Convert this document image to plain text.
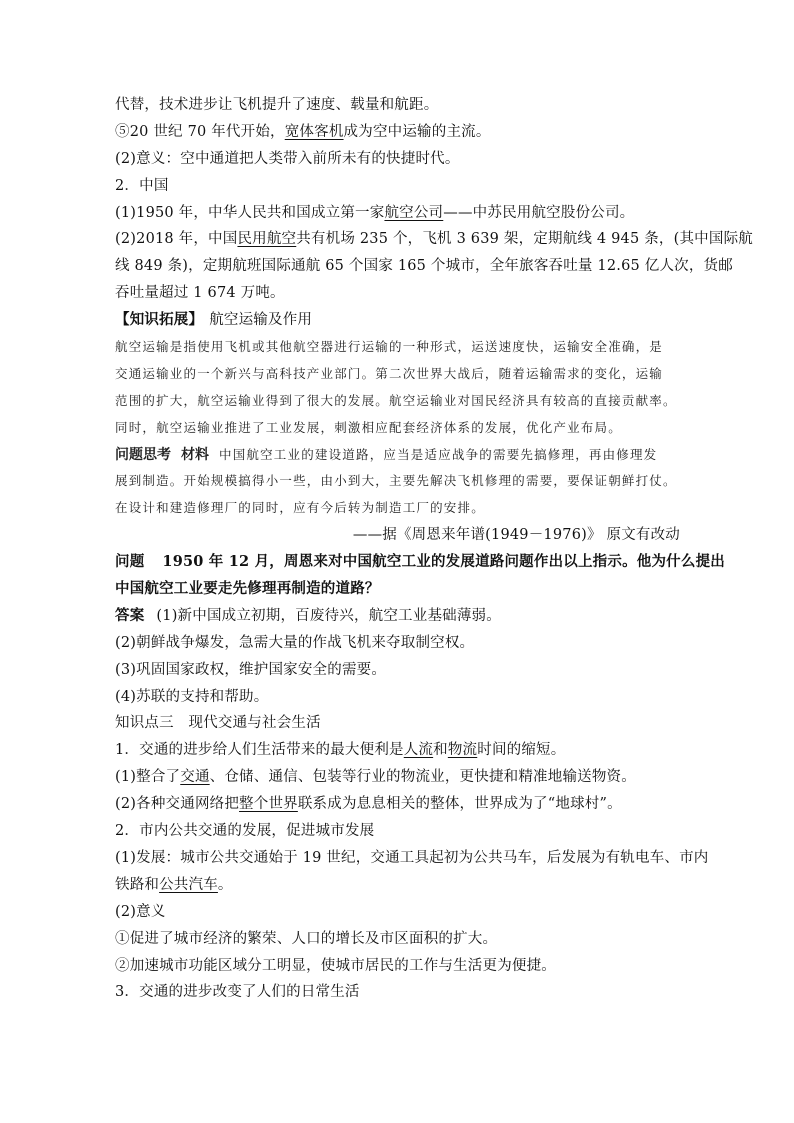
代替，技术进步让飞机提升了速度、载量和航距。
⑤20 世纪 70 年代开始，宽体客机成为空中运输的主流。
(2)意义：空中通道把人类带入前所未有的快捷时代。
2．中国
(1)1950 年，中华人民共和国成立第一家航空公司——中苏民用航空股份公司。
(2)2018 年，中国民用航空共有机场 235 个，飞机 3 639 架，定期航线 4 945 条，(其中国际航
线 849 条)，定期航班国际通航 65 个国家 165 个城市，全年旅客吞吐量 12.65 亿人次，货邮
吞吐量超过 1 674 万吨。
【知识拓展】 航空运输及作用
航空运输是指使用飞机或其他航空器进行运输的一种形式，运送速度快，运输安全准确，是
交通运输业的一个新兴与高科技产业部门。第二次世界大战后，随着运输需求的变化，运输
范围的扩大，航空运输业得到了很大的发展。航空运输业对国民经济具有较高的直接贡献率。
同时，航空运输业推进了工业发展，刺激相应配套经济体系的发展，优化产业布局。
问题思考 材料 中国航空工业的建设道路，应当是适应战争的需要先搞修理，再由修理发
展到制造。开始规模搞得小一些，由小到大，主要先解决飞机修理的需要，要保证朝鲜打仗。
在设计和建造修理厂的同时，应有今后转为制造工厂的安排。
——据《周恩来年谱(1949－1976)》 原文有改动
问题 1950 年 12 月，周恩来对中国航空工业的发展道路问题作出以上指示。他为什么提出
中国航空工业要走先修理再制造的道路？
答案 (1)新中国成立初期，百废待兴，航空工业基础薄弱。
(2)朝鲜战争爆发，急需大量的作战飞机来夺取制空权。
(3)巩固国家政权，维护国家安全的需要。
(4)苏联的支持和帮助。
知识点三　现代交通与社会生活
1．交通的进步给人们生活带来的最大便利是人流和物流时间的缩短。
(1)整合了交通、仓储、通信、包装等行业的物流业，更快捷和精准地输送物资。
(2)各种交通网络把整个世界联系成为息息相关的整体，世界成为了“地球村”。
2．市内公共交通的发展，促进城市发展
(1)发展：城市公共交通始于 19 世纪，交通工具起初为公共马车，后发展为有轨电车、市内
铁路和公共汽车。
(2)意义
①促进了城市经济的繁荣、人口的增长及市区面积的扩大。
②加速城市功能区域分工明显，使城市居民的工作与生活更为便捷。
3．交通的进步改变了人们的日常生活
